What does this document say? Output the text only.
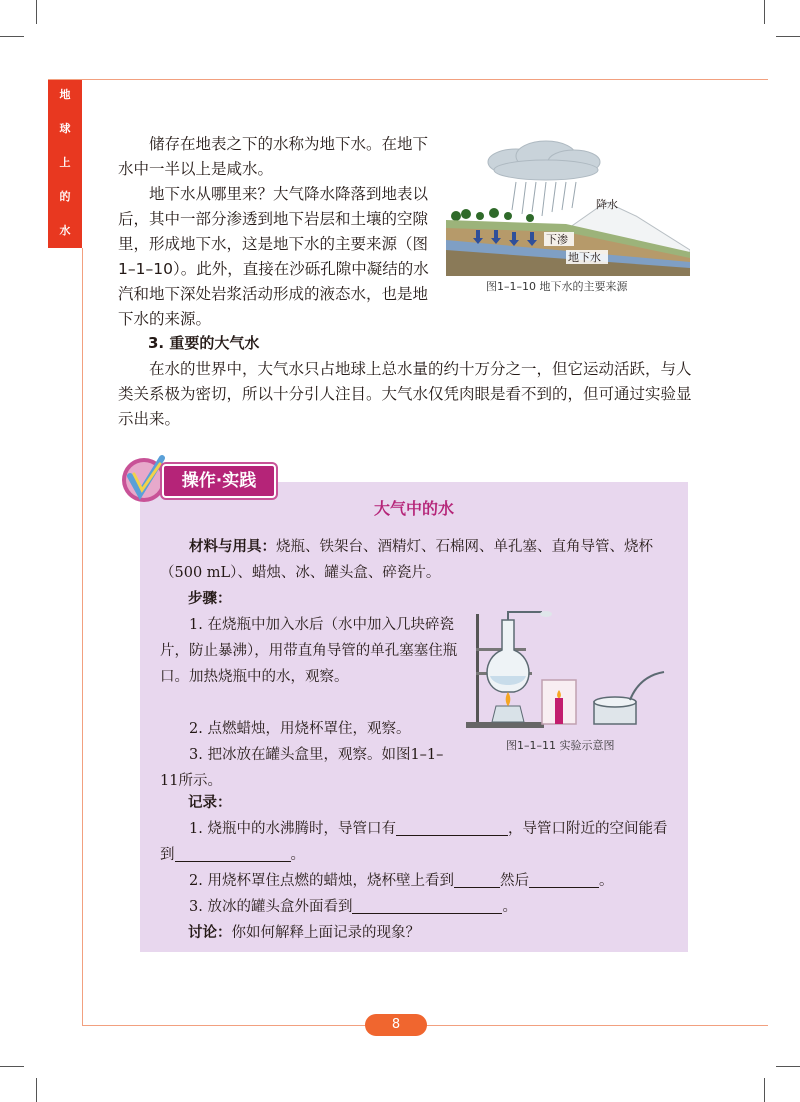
地
球
上
的
水

储存在地表之下的水称为地下水。在地下水中一半以上是咸水。

地下水从哪里来？大气降水降落到地表以后，其中一部分渗透到地下岩层和土壤的空隙里，形成地下水，这是地下水的主要来源（图1–1–10）。此外，直接在沙砾孔隙中凝结的水汽和地下深处岩浆活动形成的液态水，也是地下水的来源。

降水
下渗
地下水
图1–1–10 地下水的主要来源
3. 重要的大气水

在水的世界中，大气水只占地球上总水量的约十万分之一，但它运动活跃，与人类关系极为密切，所以十分引人注目。大气水仅凭肉眼是看不到的，但可通过实验显示出来。

操作·实践
大气中的水

材料与用具：烧瓶、铁架台、酒精灯、石棉网、单孔塞、直角导管、烧杯（500 mL）、蜡烛、冰、罐头盒、碎瓷片。

步骤：

1. 在烧瓶中加入水后（水中加入几块碎瓷片，防止暴沸），用带直角导管的单孔塞塞住瓶口。加热烧瓶中的水，观察。

2. 点燃蜡烛，用烧杯罩住，观察。

3. 把冰放在罐头盒里，观察。如图1–1–11所示。

图1–1–11 实验示意图
记录：

1. 烧瓶中的水沸腾时，导管口有	，导管口附近的空间能看到	。

2. 用烧杯罩住点燃的蜡烛，烧杯壁上看到	然后	。

3. 放冰的罐头盒外面看到	。

讨论：你如何解释上面记录的现象？

8
